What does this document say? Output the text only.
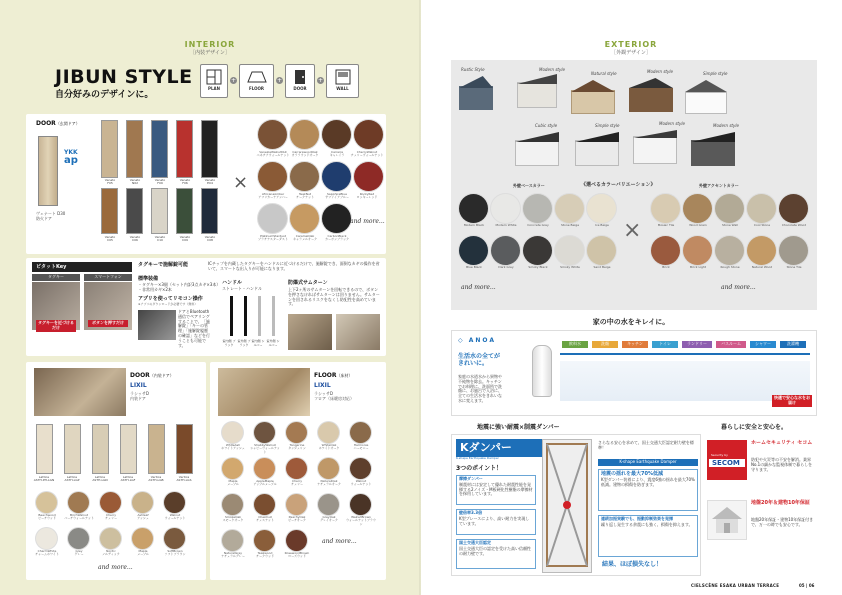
INTERIOR
［内装デザイン］
JIBUN STYLE
自分好みのデザインに。
PLAN
+
FLOOR
+
DOOR
+
WALL
DOOR（玄関ドア）
YKK
ap
ヴェナート D30
防火ドア
Venato
F05
Venato
N02
Venato
F09
Venato
F06
Venato
E04
Venato
C05
Venato
C06
Venato
C10
Venato
C09
Venato
C08
×
VeneziaWalnutNut
ベネチアウォールナット
CarrarawoodOak
カララウッドオーク
Carreira
キャレイラ
CherryWalnut
チェリーウォールナット
AfricanaAmber
アフリカーナアンバー
TeakNut
チークナット
SapphireBlue
サファイアブルー
RockyRed
ロッキーレッド
PlatinumStardust
プラチナスターダスト
CaramelOak
キャラメルオーク
CarbonBlack
カーボンブラック
and more...
ピタットKey
タグキー	スマートフォン
タグキーを近づけるだけ
ボタンを押すだけ
タグキーで施解錠可能	ICチップを内蔵したタグキーをハンドルに近づけるだけで、施解錠でき、面倒なカギの操作を省いて、スマートな出入りが可能になります。
標準装備
・タグキー×3個（セット内訳3点カギ×3本）
・非常用カギ×2本
アプリを使ってリモコン操作
※アプリのダウンロードが必要です（無料）
ドアとBluetooth通信でペアリングすることで、「施解錠」「キーの管理」「施解錠履歴の確認」などを行うことも可能です。
ハンドル
ストレート・ハンドル
室内側 ブラック
室外側 ブラック
室内側 シルバー
室外側 シルバー
防爆式サムターン
上下2ヶ所のサムターンを回転できるので、ボタンを押さなければサムターンは回りません。サムターンを回されるリスクをなくし防犯性を高めています。
DOOR（内装ドア）
LIXIL
ラシッサD
内装ドア
Lattice
ASTH-PH-LGN
Lattice
ASTH-LGP
Lattice
ASTH-LGN
Lattice
ASTH-LGF
Vertica
ASTH-LGB
Vertica
ASTH-LGS
Beechwood
ビーチウッド
BirchWalnut
バーチウォールナット
Cherry
チェリー
Ashleaf
アッシュ
Walnut
ウォールナット
CharmWhite
チャームホワイト
Grey
グレー
Nordic
ノルディック
Maple
メープル
SoftBrown
ソフトブラウン
and more...
FLOOR（床材）
LIXIL
ラシッサD
フロア（床暖房対応）
WhiteAsh
ホワイトアッシュ
ShabbyWalnut
シャビーウォールナット
Tangerine
タンジェリン
WhiteOak
ホワイトオーク
Harmonie
ハーモニー
Maple
メープル
AppleMaple
アップルメープル
Cherry
チェリー
NaturalOak
ナチュラルオーク
Walnut
ウォールナット
SmokeOak
スモークオーク
Chestnut
チェスナット
PeachyOak
ピーチオーク
GreyOak
グレイオーク
WalnutBrown
ウォールナットブラウン
NaturalGrey
ナチュラルグレー
Teakwood
チークウッド
RosewoodBrown
ローズウッド
and more...
EXTERIOR
［外観デザイン］
Rustic Style	Modern style
Natural style	Modern style	Simple style
Cubic style	Simple style	Modern style	Modern style
外壁ベースカラー	《選べるカラーバリエーション》	外壁アクセントカラー
Modern Black	Modern White	Concrete Grey	Stone Beige	Ice Beige
Blue Black	Dark Grey	Smoky Black	Smoky White	Sand Beige
×	Mosaic Tile	Wood Grain	Stone Wall	Cool Stone	Chocolate Wood
Brick	Brick Light	Rough Stone	Natural Wood	Stone Tile
and more...	and more...
家の中の水をキレイに。
◇ ANOA
生活水の全てがきれいに。
家庭の水道水から異物や不純物を除去。キッチンでお料理に、洗面所で洗顔に、お風呂で入浴に、全ての生活水をきれいな水に変えます。
飲料水	洗顔	キッチン	トイレ	ランドリー	バスルーム	シャワー	洗濯機
快適で安心な水をお届け
地震に強い耐震×制震ダンパー
Kダンパー
K-shape Earthquake Damper
3つのポイント！
摩擦ダンパー
制震材には安定して優れた耐震性能を発揮する2ノイズ・M板硬化性樹脂の摩擦材を採用しています。
壁倍率3.3倍
K型ブレースにより、高い耐力を実現しています。
国土交通大臣認定
国土交通大臣の認定を受けた高い信頼性の耐力壁です。
さらなる安心を求めて、国土交通大臣認定耐力壁を標準！
K-shape Earthquake Damper
地震の揺れを最大70%低減
K型ダンパー装着により、震度6強の揺れを最大70%低減。建物の損傷を防ぎます。
連続加振実験でも、振動抑制効果を発揮
繰り返し発生する余震にも強く、損傷を抑えます。
結果、ほぼ損失なし！
暮らしに安全と安心を。
Security by
SECOM
ホームセキュリティ セコム
防犯や火災等の不安を解消。業界No.1の細かな監視体制で暮らしを守ります。
地盤20年＆建物10年保証
地盤20年保証・建物10年保証付きで、万一の時でも安心です。
CIELSCÈNE ESAKA URBAN TERRACE	05 | 06
